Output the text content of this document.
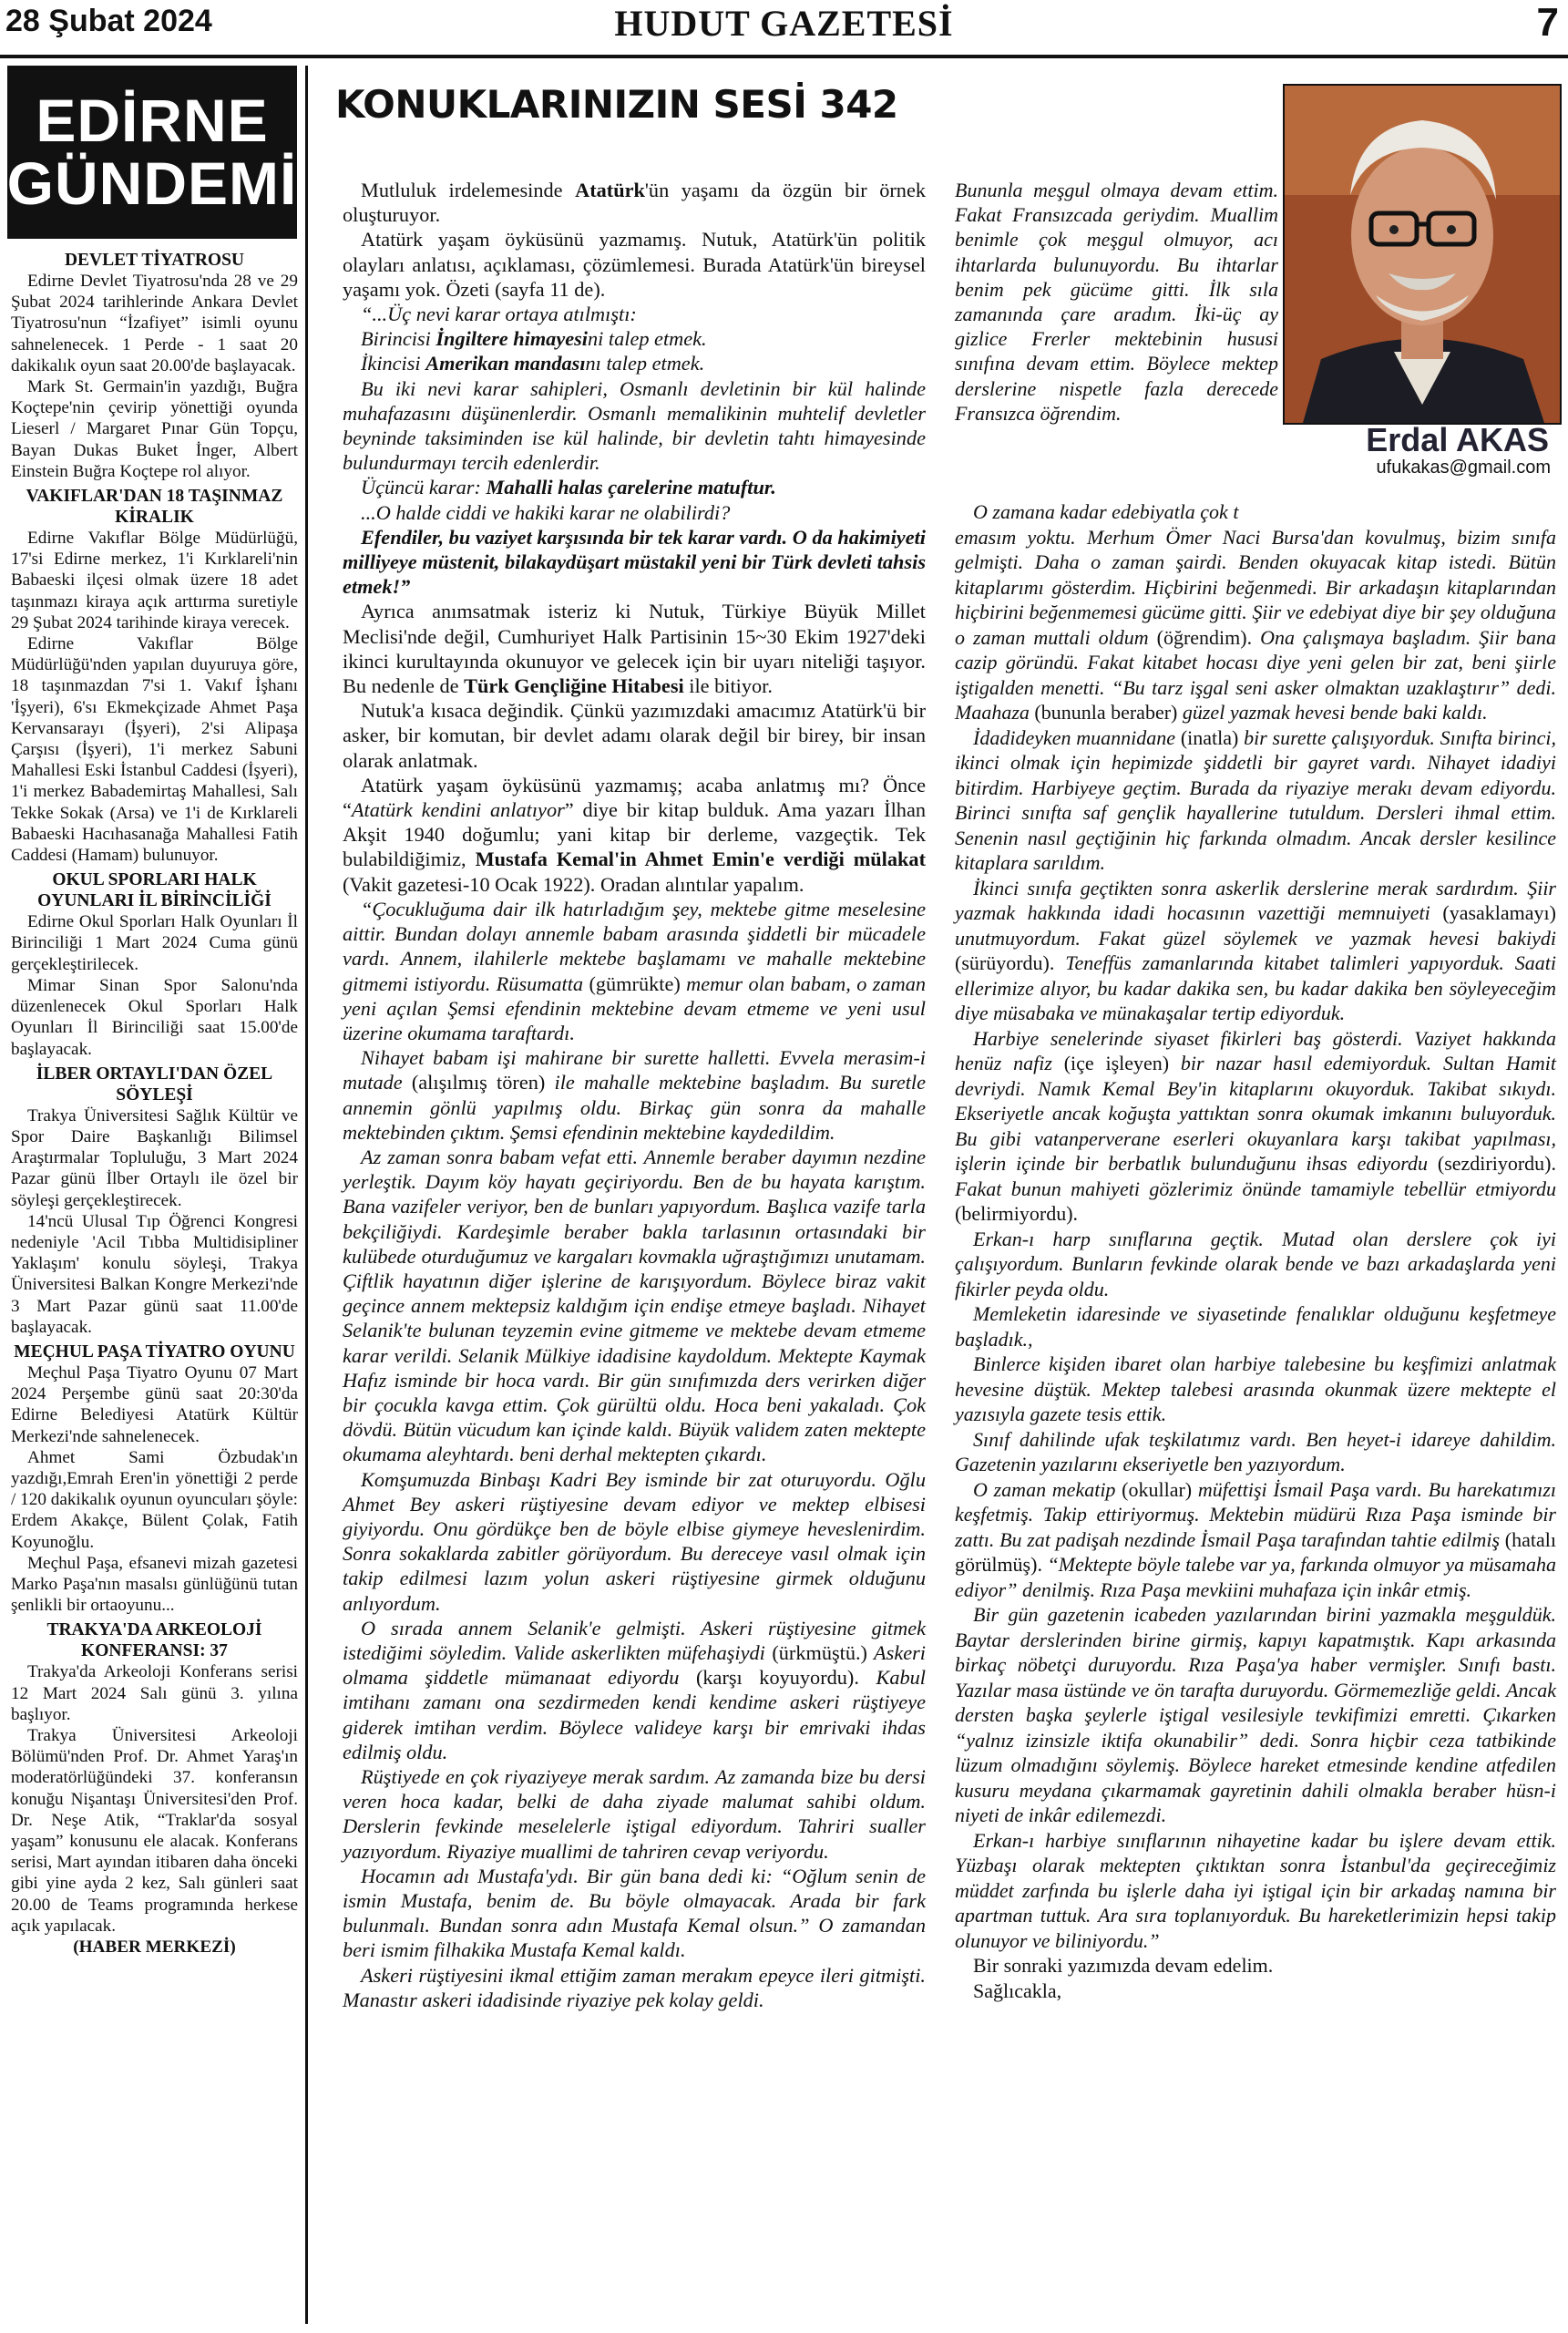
28 Şubat 2024	HUDUT GAZETESİ	7
EDİRNE
GÜNDEMİ
DEVLET TİYATROSU

Edirne Devlet Tiyatrosu'nda 28 ve 29 Şubat 2024 tarihlerinde Ankara Devlet Tiyatrosu'nun “İzafiyet” isimli oyunu sahnelenecek. 1 Perde - 1 saat 20 dakikalık oyun saat 20.00'de başlayacak.

Mark St. Germain'in yazdığı, Buğra Koçtepe'nin çevirip yönettiği oyunda Lieserl / Margaret Pınar Gün Topçu, Bayan Dukas Buket İnger, Albert Einstein Buğra Koçtepe rol alıyor.

VAKIFLAR'DAN 18 TAŞINMAZ KİRALIK

Edirne Vakıflar Bölge Müdürlüğü, 17'si Edirne merkez, 1'i Kırklareli'nin Babaeski ilçesi olmak üzere 18 adet taşınmazı kiraya açık arttırma suretiyle 29 Şubat 2024 tarihinde kiraya verecek.

Edirne Vakıflar Bölge Müdürlüğü'nden yapılan duyuruya göre, 18 taşınmazdan 7'si 1. Vakıf İşhanı 'İşyeri), 6'sı Ekmekçizade Ahmet Paşa Kervansarayı (İşyeri), 2'si Alipaşa Çarşısı (İşyeri), 1'i merkez Sabuni Mahallesi Eski İstanbul Caddesi (İşyeri), 1'i merkez Babademirtaş Mahallesi, Salı Tekke Sokak (Arsa) ve 1'i de Kırklareli Babaeski Hacıhasanağa Mahallesi Fatih Caddesi (Hamam) bulunuyor.

OKUL SPORLARI HALK OYUNLARI İL BİRİNCİLİĞİ

Edirne Okul Sporları Halk Oyunları İl Birinciliği 1 Mart 2024 Cuma günü gerçekleştirilecek.

Mimar Sinan Spor Salonu'nda düzenlenecek Okul Sporları Halk Oyunları İl Birinciliği saat 15.00'de başlayacak.

İLBER ORTAYLI'DAN ÖZEL SÖYLEŞİ

Trakya Üniversitesi Sağlık Kültür ve Spor Daire Başkanlığı Bilimsel Araştırmalar Topluluğu, 3 Mart 2024 Pazar günü İlber Ortaylı ile özel bir söyleşi gerçekleştirecek.

14'ncü Ulusal Tıp Öğrenci Kongresi nedeniyle 'Acil Tıbba Multidisipliner Yaklaşım' konulu söyleşi, Trakya Üniversitesi Balkan Kongre Merkezi'nde 3 Mart Pazar günü saat 11.00'de başlayacak.

MEÇHUL PAŞA TİYATRO OYUNU

Meçhul Paşa Tiyatro Oyunu 07 Mart 2024 Perşembe günü saat 20:30'da Edirne Belediyesi Atatürk Kültür Merkezi'nde sahnelenecek.

Ahmet Sami Özbudak'ın yazdığı,Emrah Eren'in yönettiği 2 perde / 120 dakikalık oyunun oyuncuları şöyle: Erdem Akakçe, Bülent Çolak, Fatih Koyunoğlu.

Meçhul Paşa, efsanevi mizah gazetesi Marko Paşa'nın masalsı günlüğünü tutan şenlikli bir ortaoyunu...

TRAKYA'DA ARKEOLOJİ KONFERANSI: 37

Trakya'da Arkeoloji Konferans serisi 12 Mart 2024 Salı günü 3. yılına başlıyor.

Trakya Üniversitesi Arkeoloji Bölümü'nden Prof. Dr. Ahmet Yaraş'ın moderatörlüğündeki 37. konferansın konuğu Nişantaşı Üniversitesi'den Prof. Dr. Neşe Atik, “Traklar'da sosyal yaşam” konusunu ele alacak. Konferans serisi, Mart ayından itibaren daha önceki gibi yine ayda 2 kez, Salı günleri saat 20.00 de Teams programında herkese açık yapılacak.

(HABER MERKEZİ)

KONUKLARINIZIN SESİ 342
Erdal AKAS
ufukakas@gmail.com

Mutluluk irdelemesinde Atatürk'ün yaşamı da özgün bir örnek oluşturuyor.

Atatürk yaşam öyküsünü yazmamış. Nutuk, Atatürk'ün politik olayları anlatısı, açıklaması, çözümlemesi. Burada Atatürk'ün bireysel yaşamı yok. Özeti (sayfa 11 de).

“...Üç nevi karar ortaya atılmıştı:

Birincisi İngiltere himayesini talep etmek.

İkincisi Amerikan mandasını talep etmek.

Bu iki nevi karar sahipleri, Osmanlı devletinin bir kül halinde muhafazasını düşünenlerdir. Osmanlı memalikinin muhtelif devletler beyninde taksiminden ise kül halinde, bir devletin tahtı himayesinde bulundurmayı tercih edenlerdir.

Üçüncü karar: Mahalli halas çarelerine matuftur.

...O halde ciddi ve hakiki karar ne olabilirdi?

Efendiler, bu vaziyet karşısında bir tek karar vardı. O da hakimiyeti milliyeye müstenit, bilakaydüşart müstakil yeni bir Türk devleti tahsis etmek!”

Ayrıca anımsatmak isteriz ki Nutuk, Türkiye Büyük Millet Meclisi'nde değil, Cumhuriyet Halk Partisinin 15~30 Ekim 1927'deki ikinci kurultayında okunuyor ve gelecek için bir uyarı niteliği taşıyor. Bu nedenle de Türk Gençliğine Hitabesi ile bitiyor.

Nutuk'a kısaca değindik. Çünkü yazımızdaki amacımız Atatürk'ü bir asker, bir komutan, bir devlet adamı olarak değil bir birey, bir insan olarak anlatmak.

Atatürk yaşam öyküsünü yazmamış; acaba anlatmış mı? Önce “Atatürk kendini anlatıyor” diye bir kitap bulduk. Ama yazarı İlhan Akşit 1940 doğumlu; yani kitap bir derleme, vazgeçtik. Tek bulabildiğimiz, Mustafa Kemal'in Ahmet Emin'e verdiği mülakat (Vakit gazetesi-10 Ocak 1922). Oradan alıntılar yapalım.

“Çocukluğuma dair ilk hatırladığım şey, mektebe gitme meselesine aittir. Bundan dolayı annemle babam arasında şiddetli bir mücadele vardı. Annem, ilahilerle mektebe başlamamı ve mahalle mektebine gitmemi istiyordu. Rüsumatta (gümrükte) memur olan babam, o zaman yeni açılan Şemsi efendinin mektebine devam etmeme ve yeni usul üzerine okumama taraftardı.

Nihayet babam işi mahirane bir surette halletti. Evvela merasim-i mutade (alışılmış tören) ile mahalle mektebine başladım. Bu suretle annemin gönlü yapılmış oldu. Birkaç gün sonra da mahalle mektebinden çıktım. Şemsi efendinin mektebine kaydedildim.

Az zaman sonra babam vefat etti. Annemle beraber dayımın nezdine yerleştik. Dayım köy hayatı geçiriyordu. Ben de bu hayata karıştım. Bana vazifeler veriyor, ben de bunları yapıyordum. Başlıca vazife tarla bekçiliğiydi. Kardeşimle beraber bakla tarlasının ortasındaki bir kulübede oturduğumuz ve kargaları kovmakla uğraştığımızı unutamam. Çiftlik hayatının diğer işlerine de karışıyordum. Böylece biraz vakit geçince annem mektepsiz kaldığım için endişe etmeye başladı. Nihayet Selanik'te bulunan teyzemin evine gitmeme ve mektebe devam etmeme karar verildi. Selanik Mülkiye idadisine kaydoldum. Mektepte Kaymak Hafız isminde bir hoca vardı. Bir gün sınıfımızda ders verirken diğer bir çocukla kavga ettim. Çok gürültü oldu. Hoca beni yakaladı. Çok dövdü. Bütün vücudum kan içinde kaldı. Büyük validem zaten mektepte okumama aleyhtardı. beni derhal mektepten çıkardı.

Komşumuzda Binbaşı Kadri Bey isminde bir zat oturuyordu. Oğlu Ahmet Bey askeri rüştiyesine devam ediyor ve mektep elbisesi giyiyordu. Onu gördükçe ben de böyle elbise giymeye heveslenirdim. Sonra sokaklarda zabitler görüyordum. Bu dereceye vasıl olmak için takip edilmesi lazım yolun askeri rüştiyesine girmek olduğunu anlıyordum.

O sırada annem Selanik'e gelmişti. Askeri rüştiyesine gitmek istediğimi söyledim. Valide askerlikten müfehaşiydi (ürkmüştü.) Askeri olmama şiddetle mümanaat ediyordu (karşı koyuyordu). Kabul imtihanı zamanı ona sezdirmeden kendi kendime askeri rüştiyeye giderek imtihan verdim. Böylece valideye karşı bir emrivaki ihdas edilmiş oldu.

Rüştiyede en çok riyaziyeye merak sardım. Az zamanda bize bu dersi veren hoca kadar, belki de daha ziyade malumat sahibi oldum. Derslerin fevkinde meselelerle iştigal ediyordum. Tahriri sualler yazıyordum. Riyaziye muallimi de tahriren cevap veriyordu.

Hocamın adı Mustafa'ydı. Bir gün bana dedi ki: “Oğlum senin de ismin Mustafa, benim de. Bu böyle olmayacak. Arada bir fark bulunmalı. Bundan sonra adın Mustafa Kemal olsun.” O zamandan beri ismim filhakika Mustafa Kemal kaldı.

Askeri rüştiyesini ikmal ettiğim zaman merakım epeyce ileri gitmişti. Manastır askeri idadisinde riyaziye pek kolay geldi.

Bununla meşgul olmaya devam ettim. Fakat Fransızcada geriydim. Muallim benimle çok meşgul olmuyor, acı ihtarlarda bulunuyordu. Bu ihtarlar benim pek gücüme gitti. İlk sıla zamanında çare aradım. İki-üç ay gizlice Frerler mektebinin hususi sınıfına devam ettim. Böylece mektep derslerine nispetle fazla derecede Fransızca öğrendim.

O zamana kadar edebiyatla çok t

emasım yoktu. Merhum Ömer Naci Bursa'dan kovulmuş, bizim sınıfa gelmişti. Daha o zaman şairdi. Benden okuyacak kitap istedi. Bütün kitaplarımı gösterdim. Hiçbirini beğenmedi. Bir arkadaşın kitaplarından hiçbirini beğenmemesi gücüme gitti. Şiir ve edebiyat diye bir şey olduğuna o zaman muttali oldum (öğrendim). Ona çalışmaya başladım. Şiir bana cazip göründü. Fakat kitabet hocası diye yeni gelen bir zat, beni şiirle iştigalden menetti. “Bu tarz işgal seni asker olmaktan uzaklaştırır” dedi. Maahaza (bununla beraber) güzel yazmak hevesi bende baki kaldı.

İdadideyken muannidane (inatla) bir surette çalışıyorduk. Sınıfta birinci, ikinci olmak için hepimizde şiddetli bir gayret vardı. Nihayet idadiyi bitirdim. Harbiyeye geçtim. Burada da riyaziye merakı devam ediyordu. Birinci sınıfta saf gençlik hayallerine tutuldum. Dersleri ihmal ettim. Senenin nasıl geçtiğinin hiç farkında olmadım. Ancak dersler kesilince kitaplara sarıldım.

İkinci sınıfa geçtikten sonra askerlik derslerine merak sardırdım. Şiir yazmak hakkında idadi hocasının vazettiği memnuiyeti (yasaklamayı) unutmuyordum. Fakat güzel söylemek ve yazmak hevesi bakiydi (sürüyordu). Teneffüs zamanlarında kitabet talimleri yapıyorduk. Saati ellerimize alıyor, bu kadar dakika sen, bu kadar dakika ben söyleyeceğim diye müsabaka ve münakaşalar tertip ediyorduk.

Harbiye senelerinde siyaset fikirleri baş gösterdi. Vaziyet hakkında henüz nafiz (içe işleyen) bir nazar hasıl edemiyorduk. Sultan Hamit devriydi. Namık Kemal Bey'in kitaplarını okuyorduk. Takibat sıkıydı. Ekseriyetle ancak koğuşta yattıktan sonra okumak imkanını buluyorduk. Bu gibi vatanperverane eserleri okuyanlara karşı takibat yapılması, işlerin içinde bir berbatlık bulunduğunu ihsas ediyordu (sezdiriyordu). Fakat bunun mahiyeti gözlerimiz önünde tamamiyle tebellür etmiyordu (belirmiyordu).

Erkan-ı harp sınıflarına geçtik. Mutad olan derslere çok iyi çalışıyordum. Bunların fevkinde olarak bende ve bazı arkadaşlarda yeni fikirler peyda oldu.

Memleketin idaresinde ve siyasetinde fenalıklar olduğunu keşfetmeye başladık.,

Binlerce kişiden ibaret olan harbiye talebesine bu keşfimizi anlatmak hevesine düştük. Mektep talebesi arasında okunmak üzere mektepte el yazısıyla gazete tesis ettik.

Sınıf dahilinde ufak teşkilatımız vardı. Ben heyet-i idareye dahildim. Gazetenin yazılarını ekseriyetle ben yazıyordum.

O zaman mekatip (okullar) müfettişi İsmail Paşa vardı. Bu harekatımızı keşfetmiş. Takip ettiriyormuş. Mektebin müdürü Rıza Paşa isminde bir zattı. Bu zat padişah nezdinde İsmail Paşa tarafından tahtie edilmiş (hatalı görülmüş). “Mektepte böyle talebe var ya, farkında olmuyor ya müsamaha ediyor” denilmiş. Rıza Paşa mevkiini muhafaza için inkâr etmiş.

Bir gün gazetenin icabeden yazılarından birini yazmakla meşguldük. Baytar derslerinden birine girmiş, kapıyı kapatmıştık. Kapı arkasında birkaç nöbetçi duruyordu. Rıza Paşa'ya haber vermişler. Sınıfı bastı. Yazılar masa üstünde ve ön tarafta duruyordu. Görmemezliğe geldi. Ancak dersten başka şeylerle iştigal vesilesiyle tevkifimizi emretti. Çıkarken “yalnız izinsizle iktifa okunabilir” dedi. Sonra hiçbir ceza tatbikinde lüzum olmadığını söylemiş. Böylece hareket etmesinde kendine atfedilen kusuru meydana çıkarmamak gayretinin dahili olmakla beraber hüsn-i niyeti de inkâr edilemezdi.

Erkan-ı harbiye sınıflarının nihayetine kadar bu işlere devam ettik. Yüzbaşı olarak mektepten çıktıktan sonra İstanbul'da geçireceğimiz müddet zarfında bu işlerle daha iyi iştigal için bir arkadaş namına bir apartman tuttuk. Ara sıra toplanıyorduk. Bu hareketlerimizin hepsi takip olunuyor ve biliniyordu.”

Bir sonraki yazımızda devam edelim.

Sağlıcakla,
